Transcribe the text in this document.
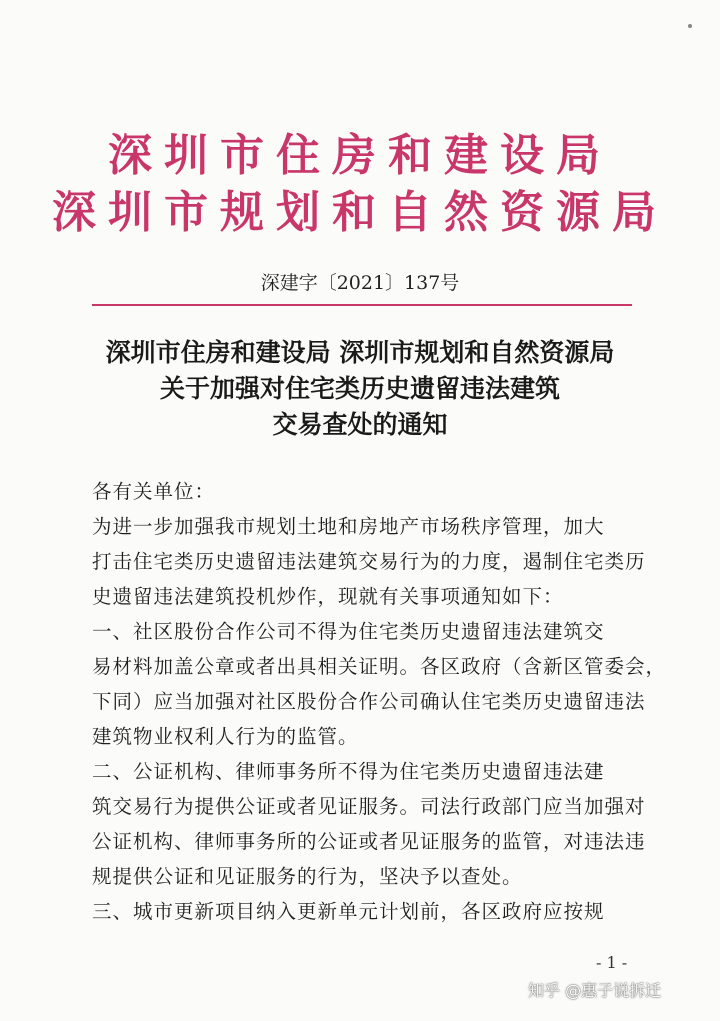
深圳市住房和建设局
深圳市规划和自然资源局
深建字〔2021〕137号
深圳市住房和建设局 深圳市规划和自然资源局
关于加强对住宅类历史遗留违法建筑
交易查处的通知
各有关单位：
为进一步加强我市规划土地和房地产市场秩序管理，加大
打击住宅类历史遗留违法建筑交易行为的力度，遏制住宅类历
史遗留违法建筑投机炒作，现就有关事项通知如下：
一、社区股份合作公司不得为住宅类历史遗留违法建筑交
易材料加盖公章或者出具相关证明。各区政府（含新区管委会，
下同）应当加强对社区股份合作公司确认住宅类历史遗留违法
建筑物业权利人行为的监管。
二、公证机构、律师事务所不得为住宅类历史遗留违法建
筑交易行为提供公证或者见证服务。司法行政部门应当加强对
公证机构、律师事务所的公证或者见证服务的监管，对违法违
规提供公证和见证服务的行为，坚决予以查处。
三、城市更新项目纳入更新单元计划前，各区政府应按规
- 1 -
知乎 @惠子说拆迁
